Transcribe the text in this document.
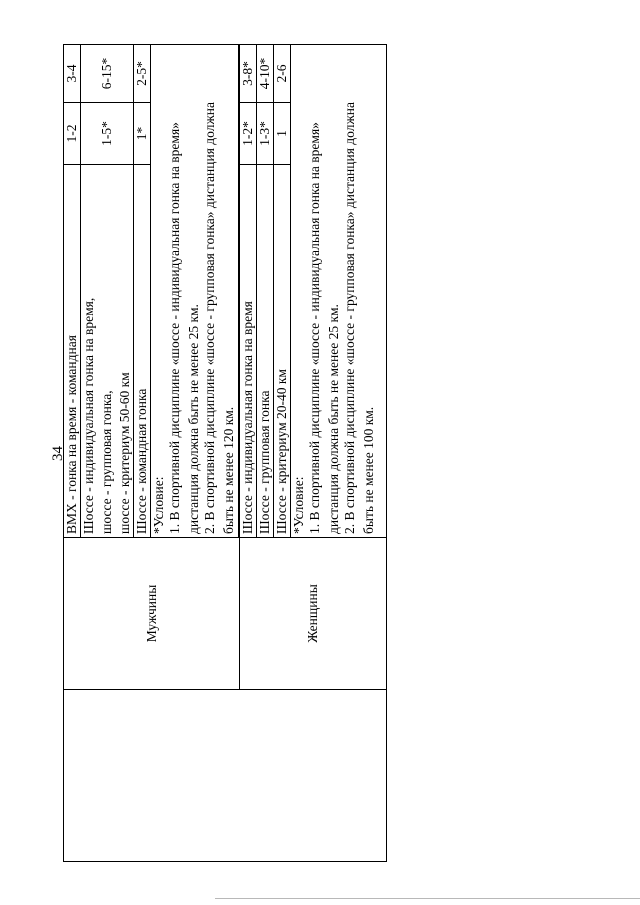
34
	Мужчины	ВМХ - гонка на время - командная	1-2	3-4

		Шоссе - индивидуальная гонка на время, шоссе - групповая гонка, шоссе - критериум 50-60 км	1-5*	6-15*

		Шоссе - командная гонка	1*	2-5*

		*Условие: 1. В спортивной дисциплине «шоссе - индивидуальная гонка на время» дистанция должна быть не менее 25 км. 2. В спортивной дисциплине «шоссе - групповая гонка» дистанция должна быть не менее 120 км.		

	Женщины	Шоссе - индивидуальная гонка на время	1-2*	3-8*

		Шоссе - групповая гонка	1-3*	4-10*

		Шоссе - критериум 20-40 км	1	2-6

		*Условие: 1. В спортивной дисциплине «шоссе - индивидуальная гонка на время» дистанция должна быть не менее 25 км. 2. В спортивной дисциплине «шоссе - групповая гонка» дистанция должна быть не менее 100 км.		
